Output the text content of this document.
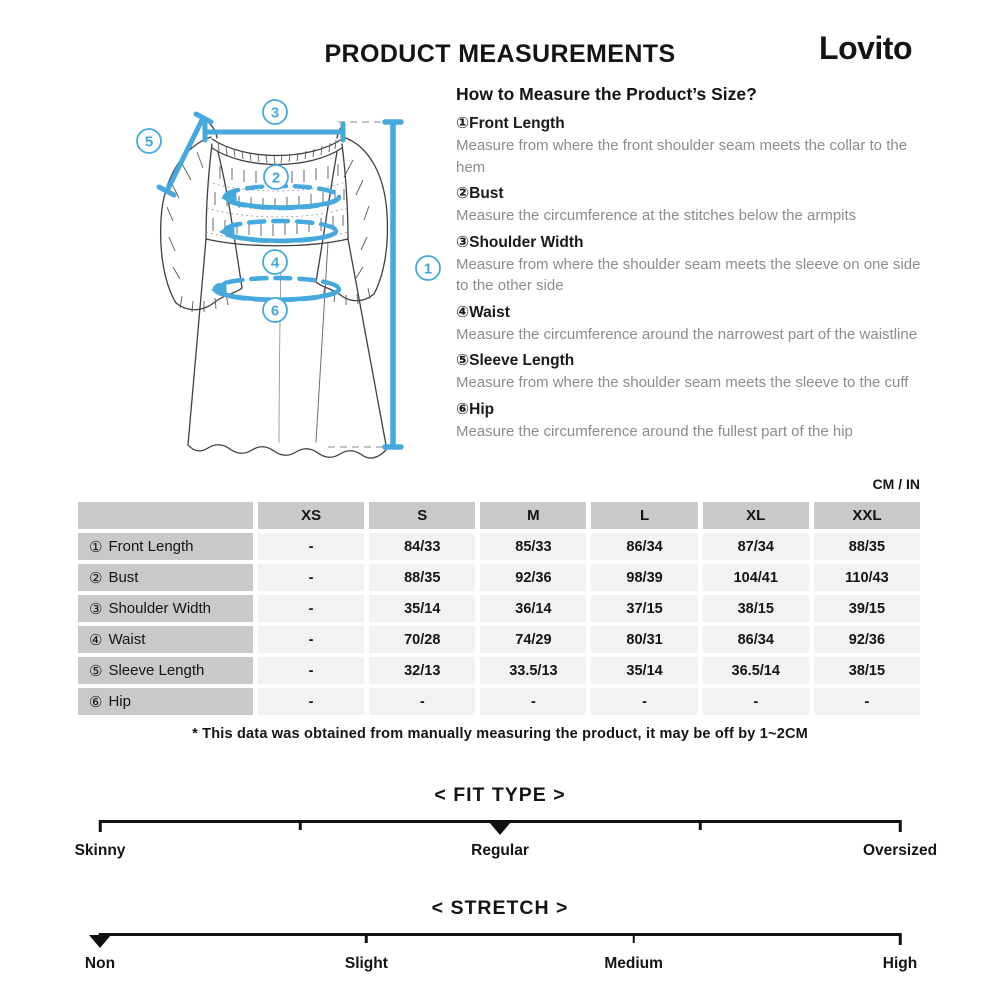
PRODUCT MEASUREMENTS	Lovito
1
2
3
4
5
6
How to Measure the Product’s Size?
①Front Length
Measure from where the front shoulder seam meets the collar to the hem
②Bust
Measure the circumference at the stitches below the armpits
③Shoulder Width
Measure from where the shoulder seam meets the sleeve on one side to the other side
④Waist
Measure the circumference around the narrowest part of the waistline
⑤Sleeve Length
Measure from where the shoulder seam meets the sleeve to the cuff
⑥Hip
Measure the circumference around the fullest part of the hip
CM / IN
XS	S	M	L	XL	XXL
① Front Length	-	84/33	85/33	86/34	87/34	88/35
② Bust	-	88/35	92/36	98/39	104/41	110/43
③ Shoulder Width	-	35/14	36/14	37/15	38/15	39/15
④ Waist	-	70/28	74/29	80/31	86/34	92/36
⑤ Sleeve Length	-	32/13	33.5/13	35/14	36.5/14	38/15
⑥ Hip	-	-	-	-	-	-
* This data was obtained from manually measuring the product, it may be off by 1~2CM
< FIT TYPE >
Skinny	Regular	Oversized
< STRETCH >
Non	Slight	Medium	High
